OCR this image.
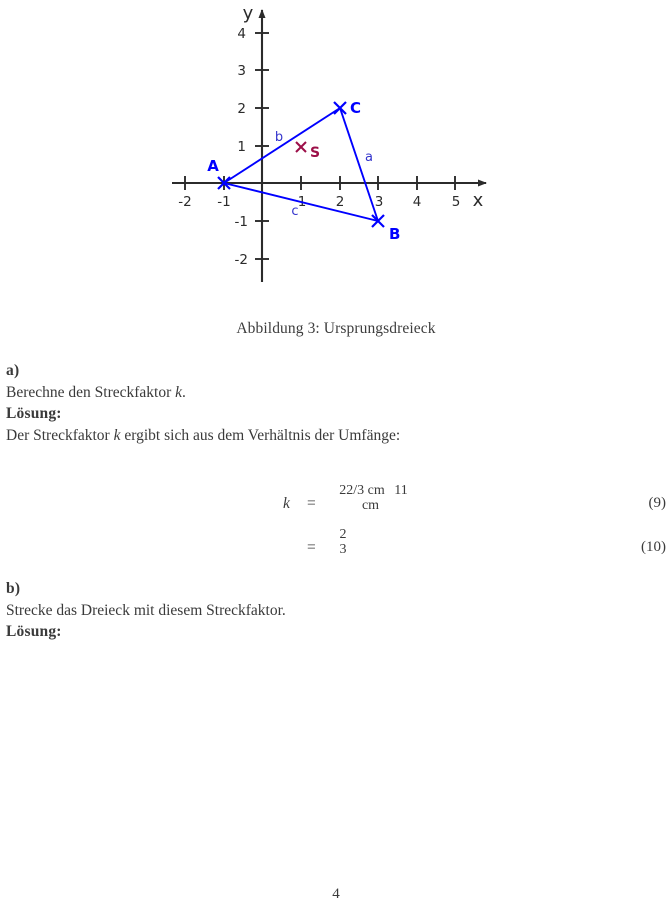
-2 -1	1 2 3 4 5
4
3
2
1
-1
-2
x
y
A
B
C
S
b
a
c
Abbildung 3: Ursprungsdreieck
a)
Berechne den Streckfaktor k.
Lösung:
Der Streckfaktor k ergibt sich aus dem Verhältnis der Umfänge:
k =
22/3 cm 11 cm	(9)
=
2 3	(10)
b)
Strecke das Dreieck mit diesem Streckfaktor.
Lösung:
4
